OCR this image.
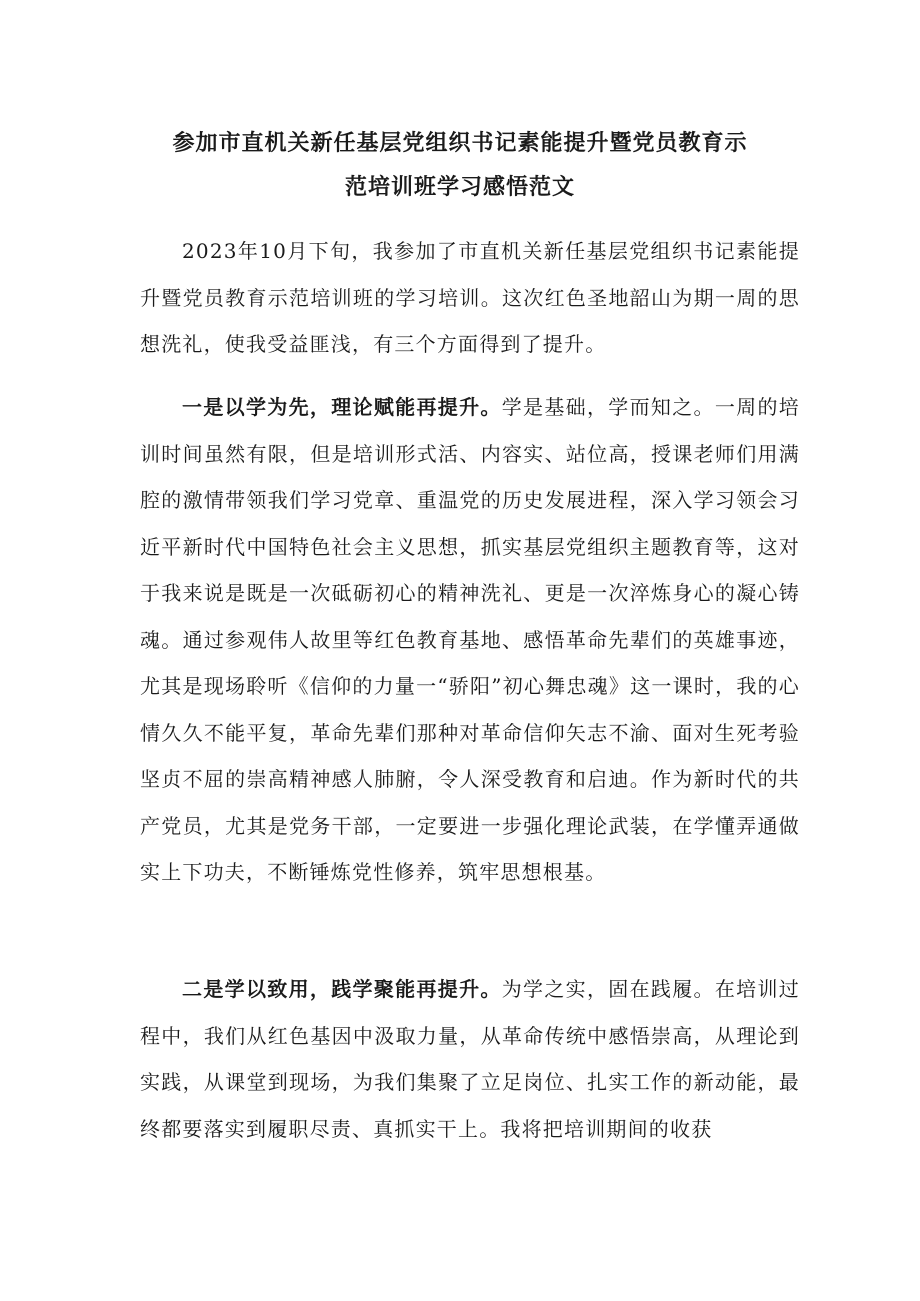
参加市直机关新任基层党组织书记素能提升暨党员教育示
范培训班学习感悟范文

2023年10月下旬，我参加了市直机关新任基层党组织书记素能提升暨党员教育示范培训班的学习培训。这次红色圣地韶山为期一周的思想洗礼，使我受益匪浅，有三个方面得到了提升。

一是以学为先，理论赋能再提升。学是基础，学而知之。一周的培训时间虽然有限，但是培训形式活、内容实、站位高，授课老师们用满腔的激情带领我们学习党章、重温党的历史发展进程，深入学习领会习近平新时代中国特色社会主义思想，抓实基层党组织主题教育等，这对于我来说是既是一次砥砺初心的精神洗礼、更是一次淬炼身心的凝心铸魂。通过参观伟人故里等红色教育基地、感悟革命先辈们的英雄事迹，尤其是现场聆听《信仰的力量一“骄阳”初心舞忠魂》这一课时，我的心情久久不能平复，革命先辈们那种对革命信仰矢志不渝、面对生死考验坚贞不屈的崇高精神感人肺腑，令人深受教育和启迪。作为新时代的共产党员，尤其是党务干部，一定要进一步强化理论武装，在学懂弄通做实上下功夫，不断锤炼党性修养，筑牢思想根基。

二是学以致用，践学聚能再提升。为学之实，固在践履。在培训过程中，我们从红色基因中汲取力量，从革命传统中感悟崇高，从理论到实践，从课堂到现场，为我们集聚了立足岗位、扎实工作的新动能，最终都要落实到履职尽责、真抓实干上。我将把培训期间的收获
